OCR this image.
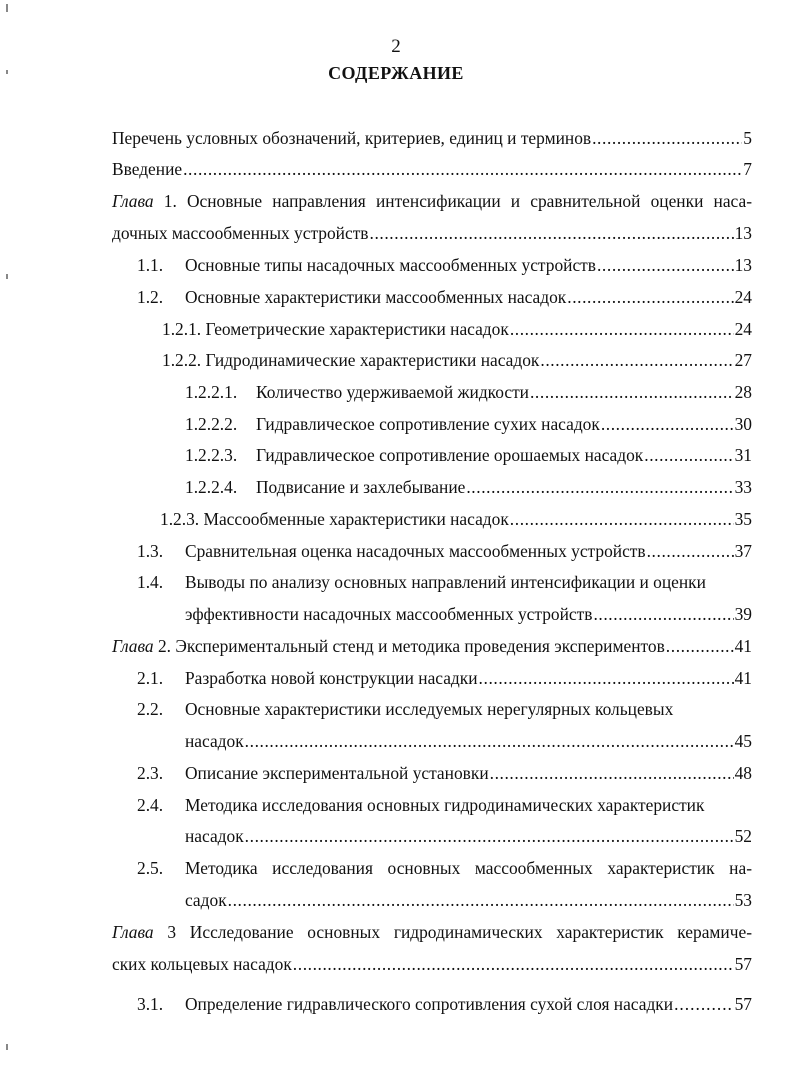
2
СОДЕРЖАНИЕ
Перечень условных обозначений, критериев, единиц и терминов .....	5
Введение .....	7
Глава 1. Основные направления интенсификации и сравнительной оценки наса-
дочных массообменных устройств .....	13
1.1. Основные типы насадочных массообменных устройств .....	13
1.2. Основные характеристики массообменных насадок .....	24
1.2.1. Геометрические характеристики насадок .....	24
1.2.2. Гидродинамические характеристики насадок .....	27
1.2.2.1. Количество удерживаемой жидкости .....	28
1.2.2.2. Гидравлическое сопротивление сухих насадок .....	30
1.2.2.3. Гидравлическое сопротивление орошаемых насадок .....	31
1.2.2.4. Подвисание и захлебывание .....	33
1.2.3. Массообменные характеристики насадок .....	35
1.3. Сравнительная оценка насадочных массообменных устройств .....	37
1.4. Выводы по анализу основных направлений интенсификации и оценки
эффективности насадочных массообменных устройств .....	39
Глава 2. Экспериментальный стенд и методика проведения экспериментов .....	41
2.1. Разработка новой конструкции насадки .....	41
2.2. Основные характеристики исследуемых нерегулярных кольцевых
насадок .....	45
2.3. Описание экспериментальной установки .....	48
2.4. Методика исследования основных гидродинамических характеристик
насадок .....	52
2.5. Методика исследования основных массообменных характеристик на-
садок .....	53
Глава 3 Исследование основных гидродинамических характеристик керамиче-
ских кольцевых насадок .....	57
3.1. Определение гидравлического сопротивления сухой слоя насадки .....	57
